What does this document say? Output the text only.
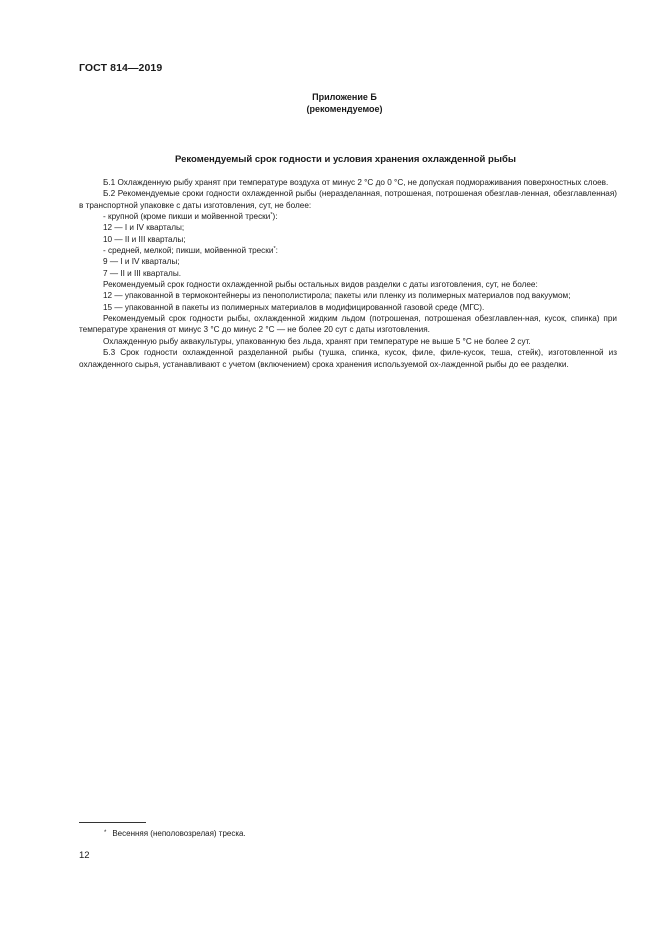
ГОСТ 814—2019
Приложение Б
(рекомендуемое)
Рекомендуемый срок годности и условия хранения охлажденной рыбы

Б.1 Охлажденную рыбу хранят при температуре воздуха от минус 2 °С до 0 °С, не допуская подмораживания поверхностных слоев.

Б.2 Рекомендуемые сроки годности охлажденной рыбы (неразделанная, потрошеная, потрошеная обезглав-ленная, обезглавленная) в транспортной упаковке с даты изготовления, сут, не более:

- крупной (кроме пикши и мойвенной трески*):

12 — I и IV кварталы;

10 — II и III кварталы;

- средней, мелкой; пикши, мойвенной трески*:

9 — I и IV кварталы;

7 — II и III кварталы.

Рекомендуемый срок годности охлажденной рыбы остальных видов разделки с даты изготовления, сут, не более:

12 — упакованной в термоконтейнеры из пенополистирола; пакеты или пленку из полимерных материалов под вакуумом;

15 — упакованной в пакеты из полимерных материалов в модифицированной газовой среде (МГС).

Рекомендуемый срок годности рыбы, охлажденной жидким льдом (потрошеная, потрошеная обезглавлен-ная, кусок, спинка) при температуре хранения от минус 3 °С до минус 2 °С — не более 20 сут с даты изготовления.

Охлажденную рыбу аквакультуры, упакованную без льда, хранят при температуре не выше 5 °С не более 2 сут.

Б.3 Срок годности охлажденной разделанной рыбы (тушка, спинка, кусок, филе, филе-кусок, теша, стейк), изготовленной из охлажденного сырья, устанавливают с учетом (включением) срока хранения используемой ох-лажденной рыбы до ее разделки.

* Весенняя (неполовозрелая) треска.
12
